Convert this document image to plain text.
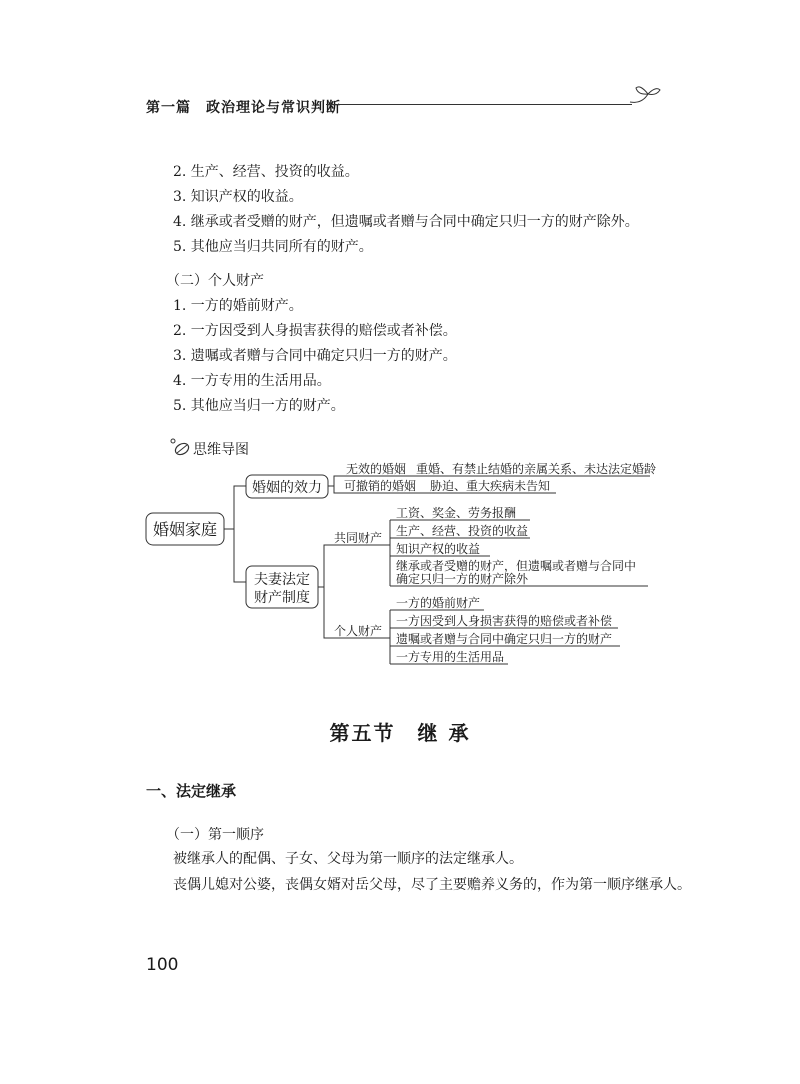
第一篇　政治理论与常识判断
2. 生产、经营、投资的收益。
3. 知识产权的收益。
4. 继承或者受赠的财产，但遗嘱或者赠与合同中确定只归一方的财产除外。
5. 其他应当归共同所有的财产。
（二）个人财产
1. 一方的婚前财产。
2. 一方因受到人身损害获得的赔偿或者补偿。
3. 遗嘱或者赠与合同中确定只归一方的财产。
4. 一方专用的生活用品。
5. 其他应当归一方的财产。
思维导图
婚姻家庭
婚姻的效力
无效的婚姻 重婚、有禁止结婚的亲属关系、未达法定婚龄
可撤销的婚姻 胁迫、重大疾病未告知
夫妻法定
财产制度
共同财产
工资、奖金、劳务报酬
生产、经营、投资的收益
知识产权的收益
继承或者受赠的财产，但遗嘱或者赠与合同中
确定只归一方的财产除外
个人财产
一方的婚前财产
一方因受到人身损害获得的赔偿或者补偿
遗嘱或者赠与合同中确定只归一方的财产
一方专用的生活用品
第五节　继 承
一、法定继承
（一）第一顺序
被继承人的配偶、子女、父母为第一顺序的法定继承人。
丧偶儿媳对公婆，丧偶女婿对岳父母，尽了主要赡养义务的，作为第一顺序继承人。
100
